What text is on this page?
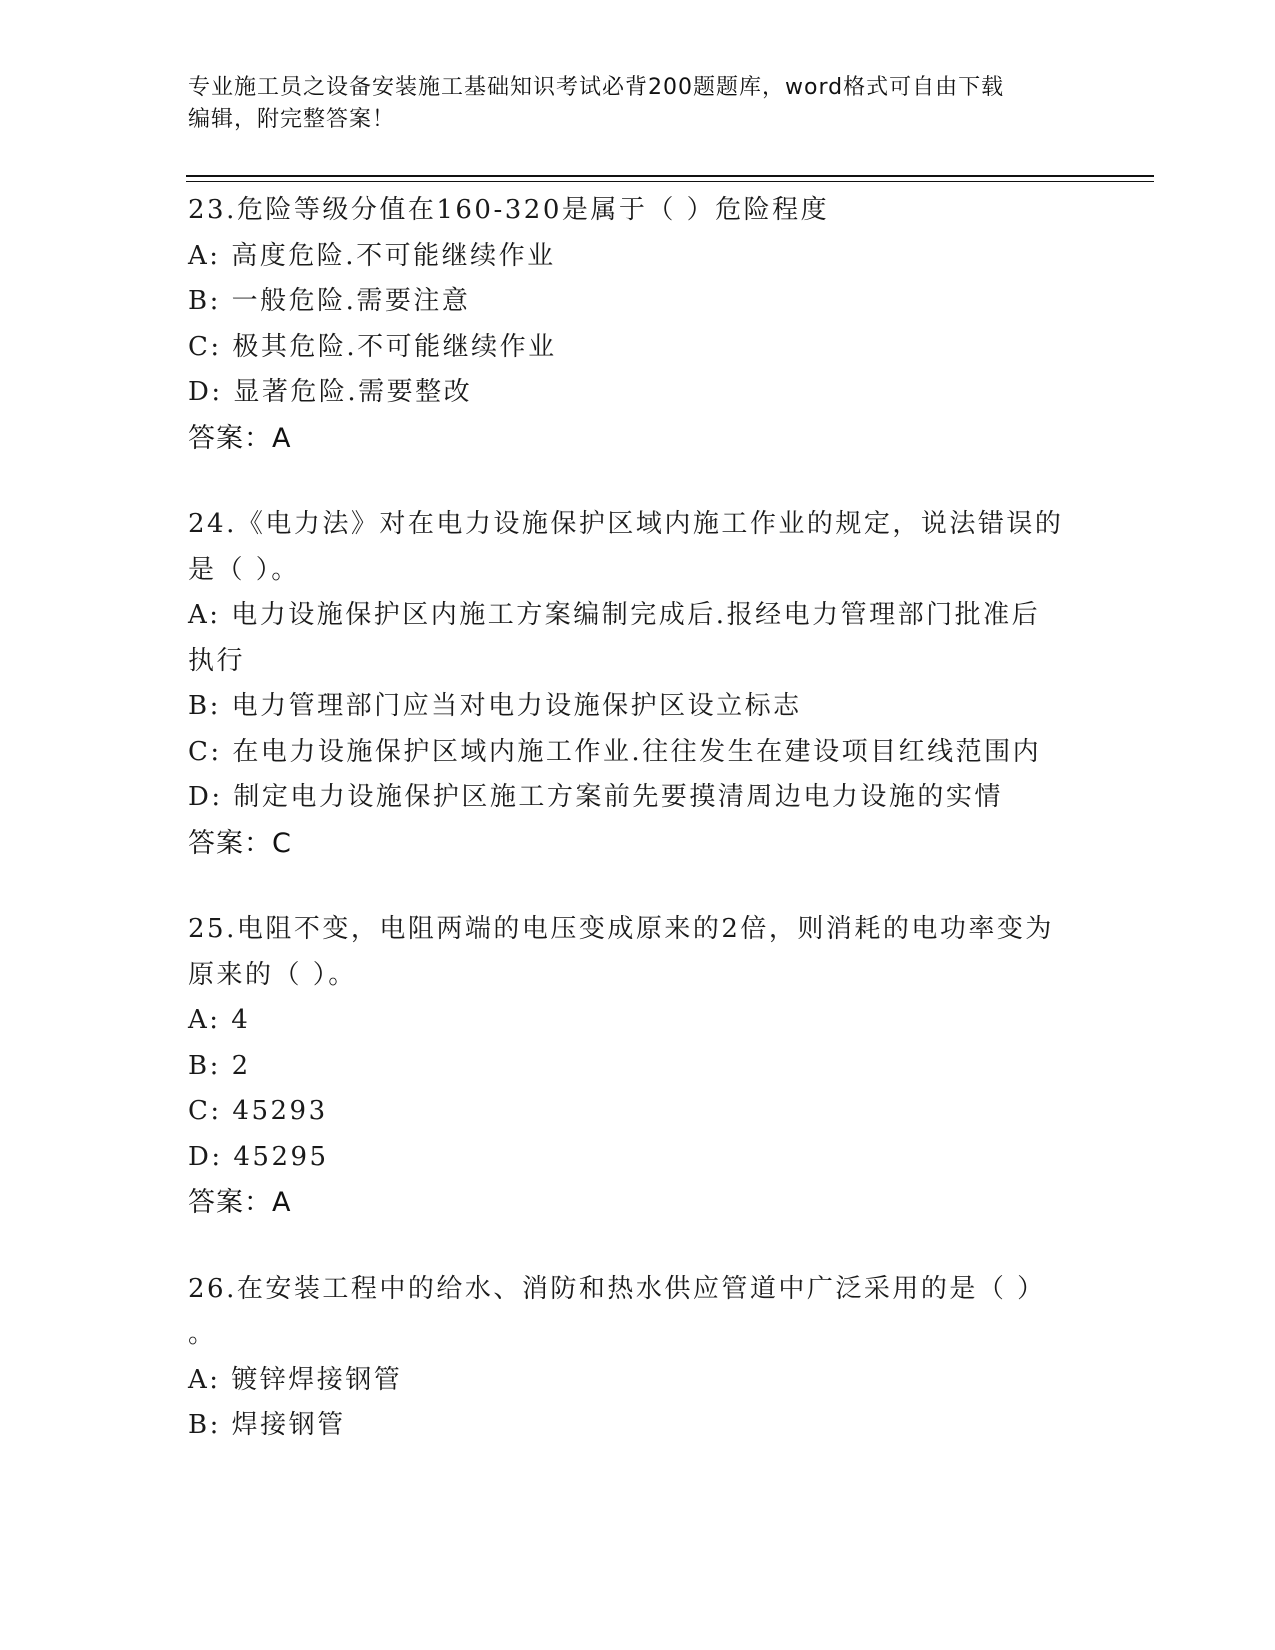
专业施工员之设备安装施工基础知识考试必背200题题库，word格式可自由下载
编辑，附完整答案！
23.危险等级分值在160-320是属于（ ）危险程度
A: 高度危险.不可能继续作业
B: 一般危险.需要注意
C: 极其危险.不可能继续作业
D: 显著危险.需要整改
答案：A
24.《电力法》对在电力设施保护区域内施工作业的规定，说法错误的
是（ ）。
A: 电力设施保护区内施工方案编制完成后.报经电力管理部门批准后
执行
B: 电力管理部门应当对电力设施保护区设立标志
C: 在电力设施保护区域内施工作业.往往发生在建设项目红线范围内
D: 制定电力设施保护区施工方案前先要摸清周边电力设施的实情
答案：C
25.电阻不变，电阻两端的电压变成原来的2倍，则消耗的电功率变为
原来的（ ）。
A: 4
B: 2
C: 45293
D: 45295
答案：A
26.在安装工程中的给水、消防和热水供应管道中广泛采用的是（ ）
。
A: 镀锌焊接钢管
B: 焊接钢管
